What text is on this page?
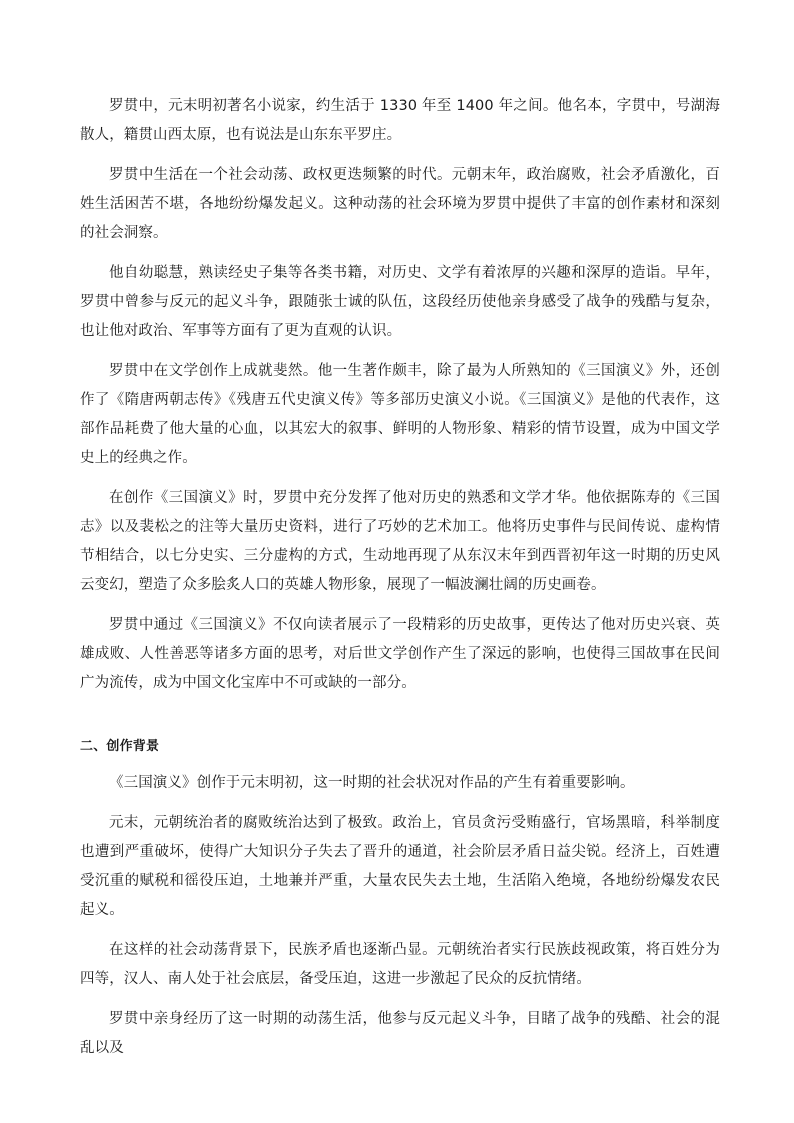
罗贯中，元末明初著名小说家，约生活于 1330 年至 1400 年之间。他名本，字贯中，号湖海散人，籍贯山西太原，也有说法是山东东平罗庄。

罗贯中生活在一个社会动荡、政权更迭频繁的时代。元朝末年，政治腐败，社会矛盾激化，百姓生活困苦不堪，各地纷纷爆发起义。这种动荡的社会环境为罗贯中提供了丰富的创作素材和深刻的社会洞察。

他自幼聪慧，熟读经史子集等各类书籍，对历史、文学有着浓厚的兴趣和深厚的造诣。早年，罗贯中曾参与反元的起义斗争，跟随张士诚的队伍，这段经历使他亲身感受了战争的残酷与复杂，也让他对政治、军事等方面有了更为直观的认识。

罗贯中在文学创作上成就斐然。他一生著作颇丰，除了最为人所熟知的《三国演义》外，还创作了《隋唐两朝志传》《残唐五代史演义传》等多部历史演义小说。《三国演义》是他的代表作，这部作品耗费了他大量的心血，以其宏大的叙事、鲜明的人物形象、精彩的情节设置，成为中国文学史上的经典之作。

在创作《三国演义》时，罗贯中充分发挥了他对历史的熟悉和文学才华。他依据陈寿的《三国志》以及裴松之的注等大量历史资料，进行了巧妙的艺术加工。他将历史事件与民间传说、虚构情节相结合，以七分史实、三分虚构的方式，生动地再现了从东汉末年到西晋初年这一时期的历史风云变幻，塑造了众多脍炙人口的英雄人物形象，展现了一幅波澜壮阔的历史画卷。

罗贯中通过《三国演义》不仅向读者展示了一段精彩的历史故事，更传达了他对历史兴衰、英雄成败、人性善恶等诸多方面的思考，对后世文学创作产生了深远的影响，也使得三国故事在民间广为流传，成为中国文化宝库中不可或缺的一部分。

二、创作背景

《三国演义》创作于元末明初，这一时期的社会状况对作品的产生有着重要影响。

元末，元朝统治者的腐败统治达到了极致。政治上，官员贪污受贿盛行，官场黑暗，科举制度也遭到严重破坏，使得广大知识分子失去了晋升的通道，社会阶层矛盾日益尖锐。经济上，百姓遭受沉重的赋税和徭役压迫，土地兼并严重，大量农民失去土地，生活陷入绝境，各地纷纷爆发农民起义。

在这样的社会动荡背景下，民族矛盾也逐渐凸显。元朝统治者实行民族歧视政策，将百姓分为四等，汉人、南人处于社会底层，备受压迫，这进一步激起了民众的反抗情绪。

罗贯中亲身经历了这一时期的动荡生活，他参与反元起义斗争，目睹了战争的残酷、社会的混乱以及
